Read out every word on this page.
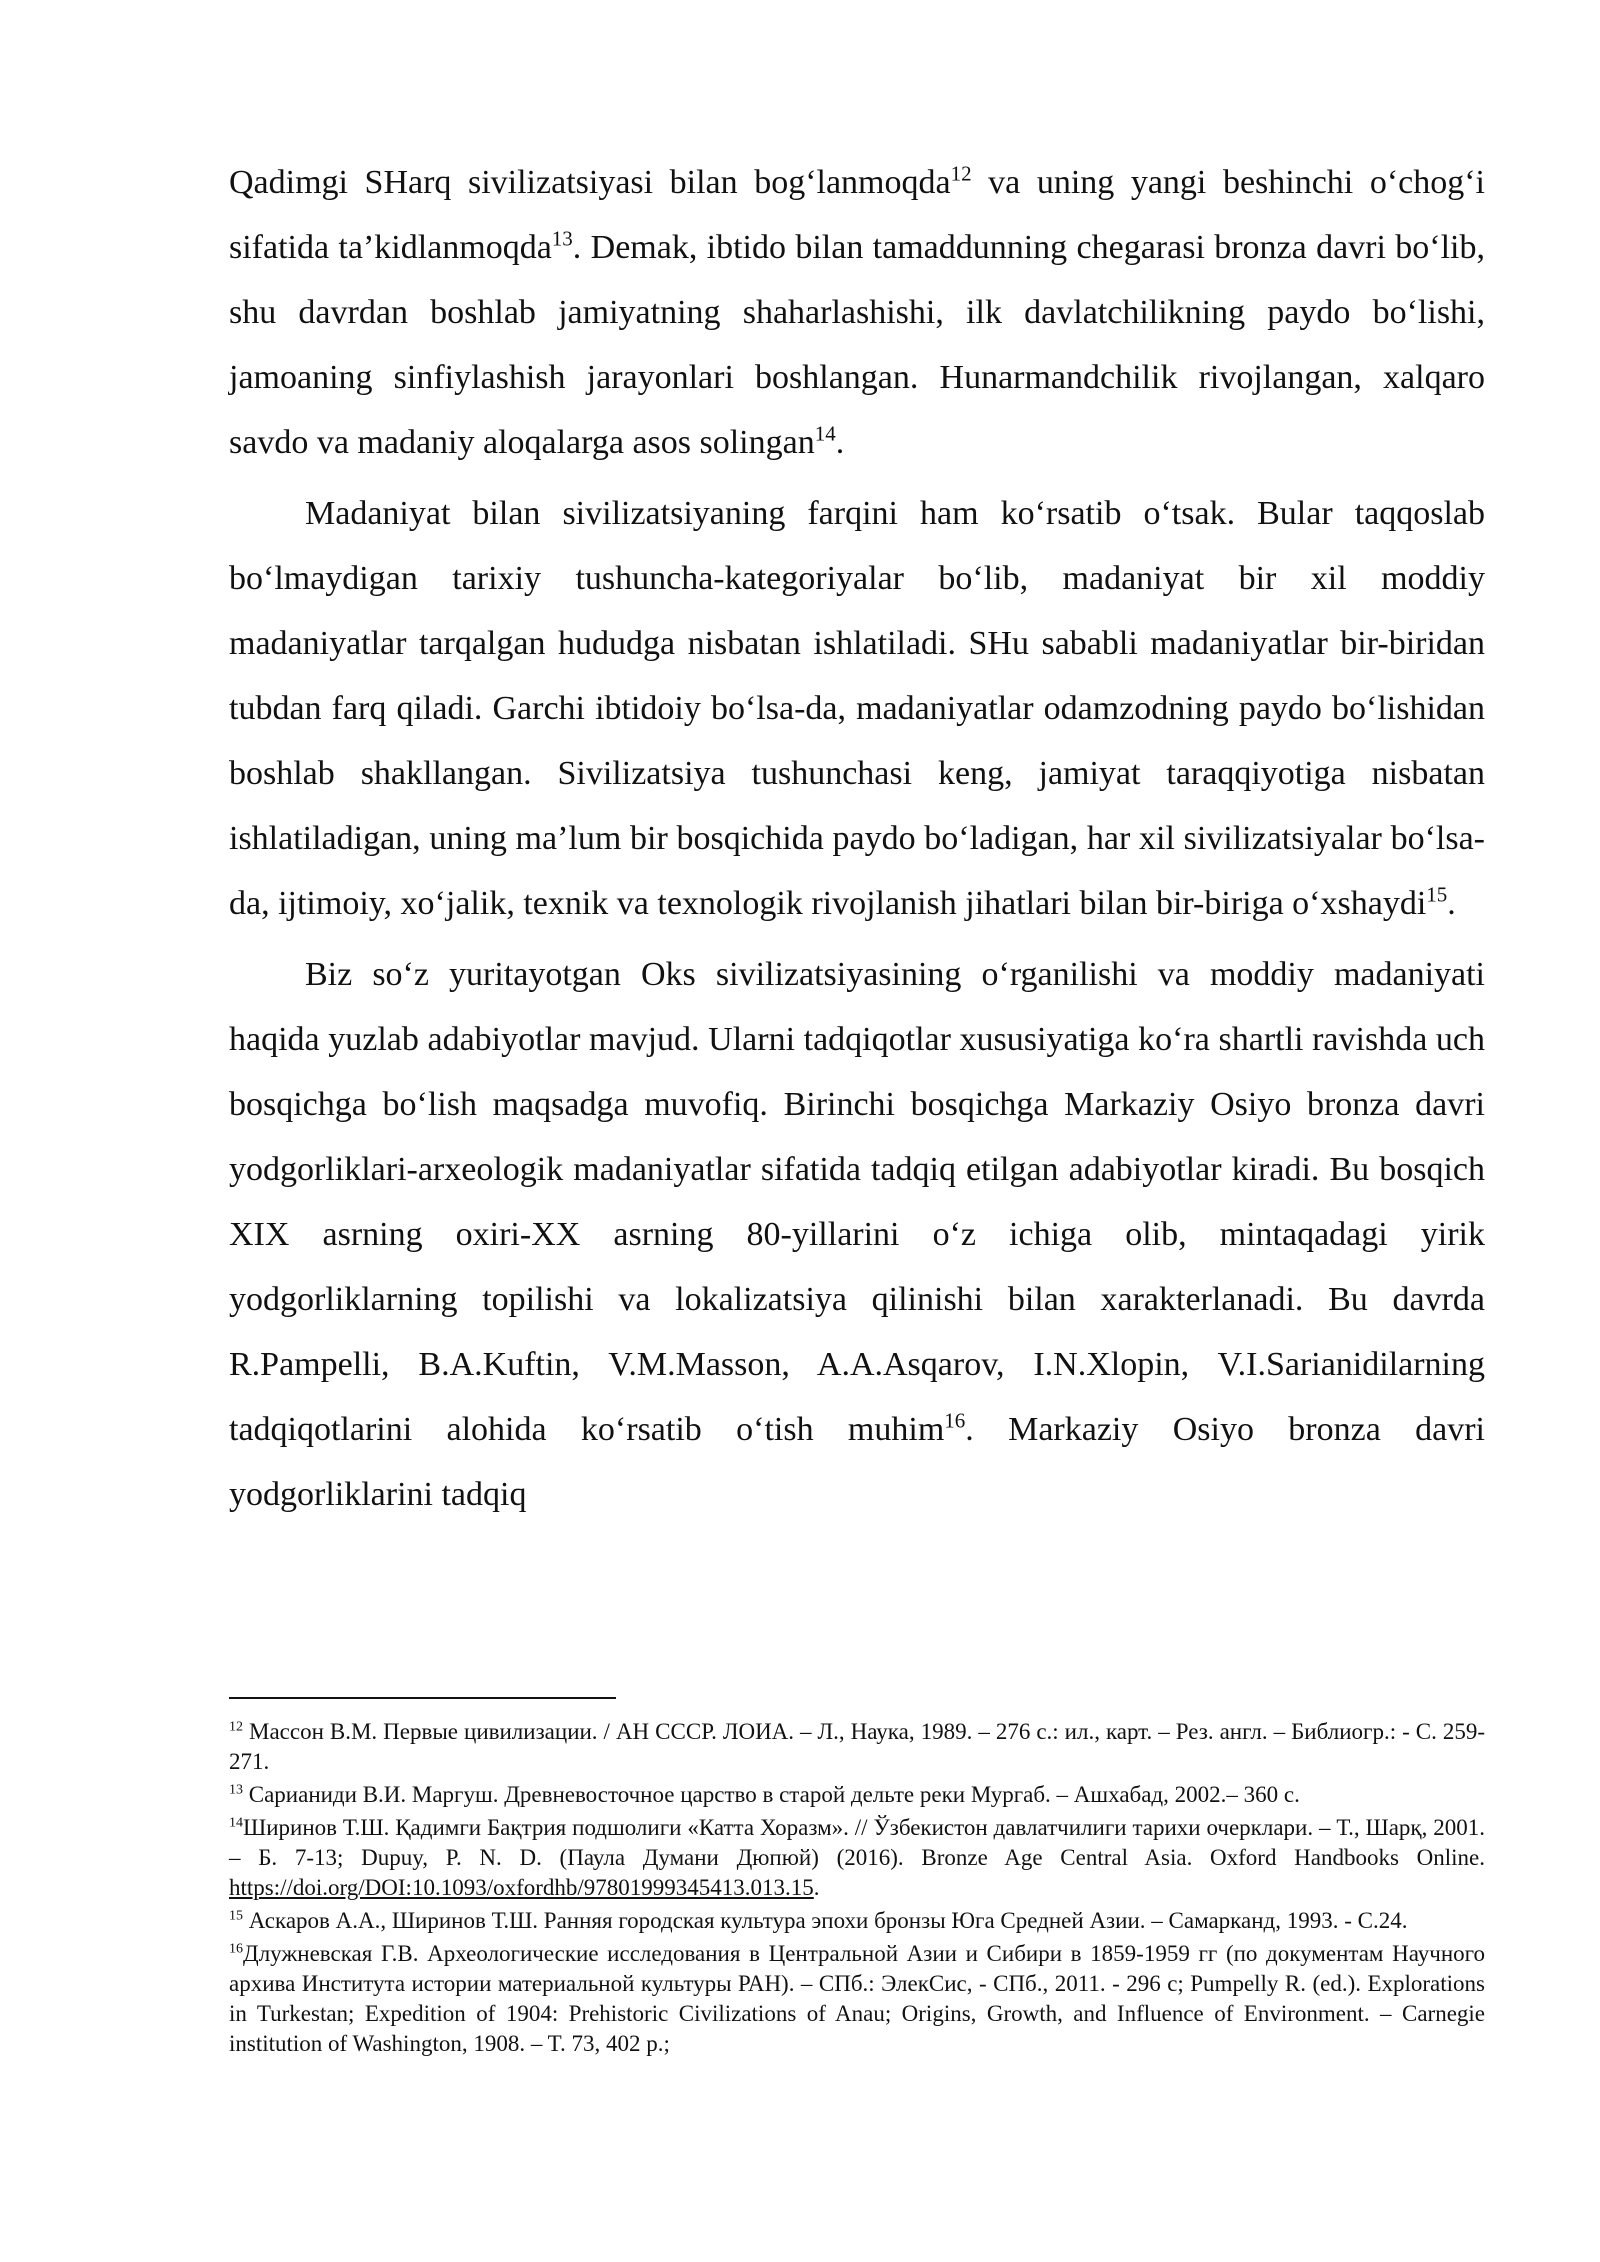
Qadimgi SHarq sivilizatsiyasi bilan bog‘lanmoqda$^{12}$ va uning yangi beshinchi o‘chog‘i sifatida ta’kidlanmoqda$^{13}$. Demak, ibtido bilan tamaddunning chegarasi bronza davri bo‘lib, shu davrdan boshlab jamiyatning shaharlashishi, ilk davlatchilikning paydo bo‘lishi, jamoaning sinfiylashish jarayonlari boshlangan. Hunarmandchilik rivojlangan, xalqaro savdo va madaniy aloqalarga asos solingan$^{14}$.

Madaniyat bilan sivilizatsiyaning farqini ham ko‘rsatib o‘tsak. Bular taqqoslab bo‘lmaydigan tarixiy tushuncha-kategoriyalar bo‘lib, madaniyat bir xil moddiy madaniyatlar tarqalgan hududga nisbatan ishlatiladi. SHu sababli madaniyatlar bir-biridan tubdan farq qiladi. Garchi ibtidoiy bo‘lsa-da, madaniyatlar odamzodning paydo bo‘lishidan boshlab shakllangan. Sivilizatsiya tushunchasi keng, jamiyat taraqqiyotiga nisbatan ishlatiladigan, uning ma’lum bir bosqichida paydo bo‘ladigan, har xil sivilizatsiyalar bo‘lsa-da, ijtimoiy, xo‘jalik, texnik va texnologik rivojlanish jihatlari bilan bir-biriga o‘xshaydi$^{15}$.

Biz so‘z yuritayotgan Oks sivilizatsiyasining o‘rganilishi va moddiy madaniyati haqida yuzlab adabiyotlar mavjud. Ularni tadqiqotlar xususiyatiga ko‘ra shartli ravishda uch bosqichga bo‘lish maqsadga muvofiq. Birinchi bosqichga Markaziy Osiyo bronza davri yodgorliklari-arxeologik madaniyatlar sifatida tadqiq etilgan adabiyotlar kiradi. Bu bosqich XIX asrning oxiri-XX asrning 80-yillarini o‘z ichiga olib, mintaqadagi yirik yodgorliklarning topilishi va lokalizatsiya qilinishi bilan xarakterlanadi. Bu davrda R.Pampelli, B.A.Kuftin, V.M.Masson, A.A.Asqarov, I.N.Xlopin, V.I.Sarianidilarning tadqiqotlarini alohida ko‘rsatib o‘tish muhim$^{16}$. Markaziy Osiyo bronza davri yodgorliklarini tadqiq

$^{12}$ Массон В.М. Первые цивилизации. / АН СССР. ЛОИА. – Л., Наука, 1989. – 276 с.: ил., карт. – Рез. англ. – Библиогр.: - С. 259-271.
$^{13}$ Сарианиди В.И. Маргуш. Древневосточное царство в старой дельте реки Мургаб. – Ашхабад, 2002.– 360 с.
$^{14}$Ширинов Т.Ш. Қадимги Бақтрия подшолиги «Катта Хоразм». // Ўзбекистон давлатчилиги тарихи очерклари. – Т., Шарқ, 2001. – Б. 7-13; Dupuy, P. N. D. (Паула Думани Дюпюй) (2016). Bronze Age Central Asia. Oxford Handbooks Online. https://doi.org/DOI:10.1093/oxfordhb/97801999345413.013.15.
$^{15}$ Аскаров А.А., Ширинов Т.Ш. Ранняя городская культура эпохи бронзы Юга Средней Азии. – Самарканд, 1993. - С.24.
$^{16}$Длужневская Г.В. Археологические исследования в Центральной Азии и Сибири в 1859-1959 гг (по документам Научного архива Института истории материальной культуры РАН). – СПб.: ЭлекСис, - СПб., 2011. - 296 с; Pumpelly R. (ed.). Explorations in Turkestan; Expedition of 1904: Prehistoric Civilizations of Anau; Origins, Growth, and Influence of Environment. – Carnegie institution of Washington, 1908. – T. 73, 402 p.;
